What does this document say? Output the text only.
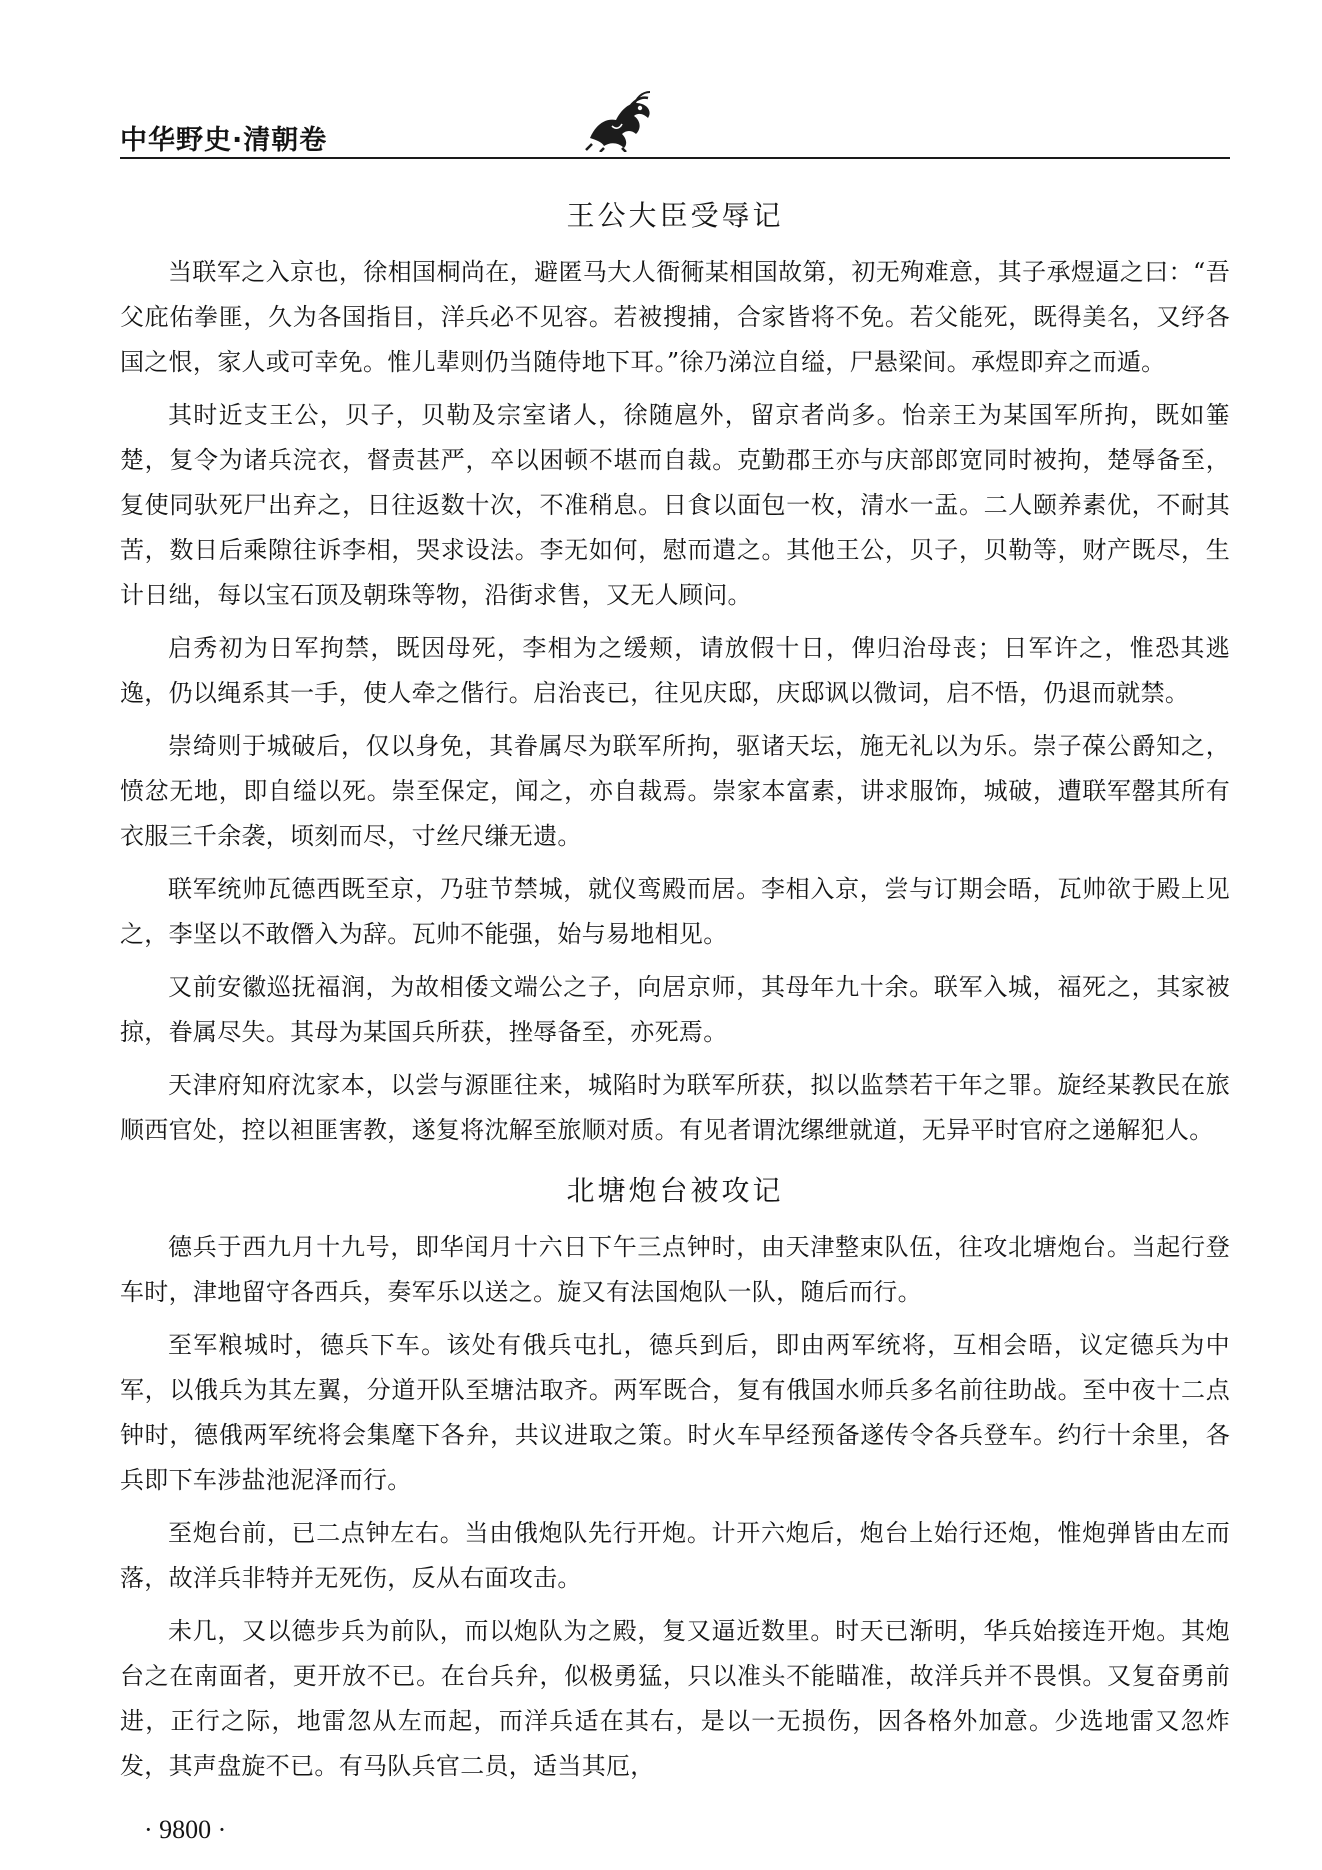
中华野史·清朝卷
王公大臣受辱记

当联军之入京也，徐相国桐尚在，避匿马大人衙衕某相国故第，初无殉难意，其子承煜逼之曰：“吾父庇佑拳匪，久为各国指目，洋兵必不见容。若被搜捕，合家皆将不免。若父能死，既得美名，又纾各国之恨，家人或可幸免。惟儿辈则仍当随侍地下耳。”徐乃涕泣自缢，尸悬梁间。承煜即弃之而遁。

其时近支王公，贝子，贝勒及宗室诸人，徐随扈外，留京者尚多。怡亲王为某国军所拘，既如箠楚，复令为诸兵浣衣，督责甚严，卒以困顿不堪而自裁。克勤郡王亦与庆部郎宽同时被拘，楚辱备至，复使同驮死尸出弃之，日往返数十次，不准稍息。日食以面包一枚，清水一盂。二人颐养素优，不耐其苦，数日后乘隙往诉李相，哭求设法。李无如何，慰而遣之。其他王公，贝子，贝勒等，财产既尽，生计日绌，每以宝石顶及朝珠等物，沿街求售，又无人顾问。

启秀初为日军拘禁，既因母死，李相为之缓颊，请放假十日，俾归治母丧；日军许之，惟恐其逃逸，仍以绳系其一手，使人牵之偕行。启治丧已，往见庆邸，庆邸讽以微词，启不悟，仍退而就禁。

崇绮则于城破后，仅以身免，其眷属尽为联军所拘，驱诸天坛，施无礼以为乐。崇子葆公爵知之，愤忿无地，即自缢以死。崇至保定，闻之，亦自裁焉。崇家本富素，讲求服饰，城破，遭联军罄其所有衣服三千余袭，顷刻而尽，寸丝尺缣无遗。

联军统帅瓦德西既至京，乃驻节禁城，就仪鸾殿而居。李相入京，尝与订期会晤，瓦帅欲于殿上见之，李坚以不敢僭入为辞。瓦帅不能强，始与易地相见。

又前安徽巡抚福润，为故相倭文端公之子，向居京师，其母年九十余。联军入城，福死之，其家被掠，眷属尽失。其母为某国兵所获，挫辱备至，亦死焉。

天津府知府沈家本，以尝与源匪往来，城陷时为联军所获，拟以监禁若干年之罪。旋经某教民在旅顺西官处，控以袒匪害教，遂复将沈解至旅顺对质。有见者谓沈缧绁就道，无异平时官府之递解犯人。

北塘炮台被攻记

德兵于西九月十九号，即华闰月十六日下午三点钟时，由天津整束队伍，往攻北塘炮台。当起行登车时，津地留守各西兵，奏军乐以送之。旋又有法国炮队一队，随后而行。

至军粮城时，德兵下车。该处有俄兵屯扎，德兵到后，即由两军统将，互相会晤，议定德兵为中军，以俄兵为其左翼，分道开队至塘沽取齐。两军既合，复有俄国水师兵多名前往助战。至中夜十二点钟时，德俄两军统将会集麾下各弁，共议进取之策。时火车早经预备遂传令各兵登车。约行十余里，各兵即下车涉盐池泥泽而行。

至炮台前，已二点钟左右。当由俄炮队先行开炮。计开六炮后，炮台上始行还炮，惟炮弹皆由左而落，故洋兵非特并无死伤，反从右面攻击。

未几，又以德步兵为前队，而以炮队为之殿，复又逼近数里。时天已渐明，华兵始接连开炮。其炮台之在南面者，更开放不已。在台兵弁，似极勇猛，只以准头不能瞄准，故洋兵并不畏惧。又复奋勇前进，正行之际，地雷忽从左而起，而洋兵适在其右，是以一无损伤，因各格外加意。少选地雷又忽炸发，其声盘旋不已。有马队兵官二员，适当其厄，

· 9800 ·
